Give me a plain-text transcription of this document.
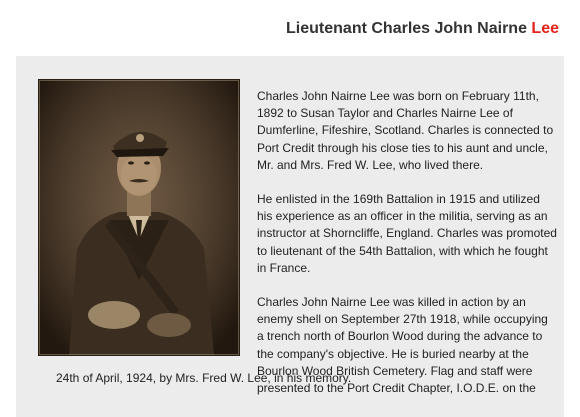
Lieutenant Charles John Nairne Lee

Charles John Nairne Lee was born on February 11th, 1892 to Susan Taylor and Charles Nairne Lee of Dumferline, Fifeshire, Scotland. Charles is connected to Port Credit through his close ties to his aunt and uncle, Mr. and Mrs. Fred W. Lee, who lived there.

He enlisted in the 169th Battalion in 1915 and utilized his experience as an officer in the militia, serving as an instructor at Shorncliffe, England. Charles was promoted to lieutenant of the 54th Battalion, with which he fought in France.

Charles John Nairne Lee was killed in action by an enemy shell on September 27th 1918, while occupying a trench north of Bourlon Wood during the advance to the company's objective. He is buried nearby at the Bourlon Wood British Cemetery. Flag and staff were presented to the Port Credit Chapter, I.O.D.E. on the

24th of April, 1924, by Mrs. Fred W. Lee, in his memory.
